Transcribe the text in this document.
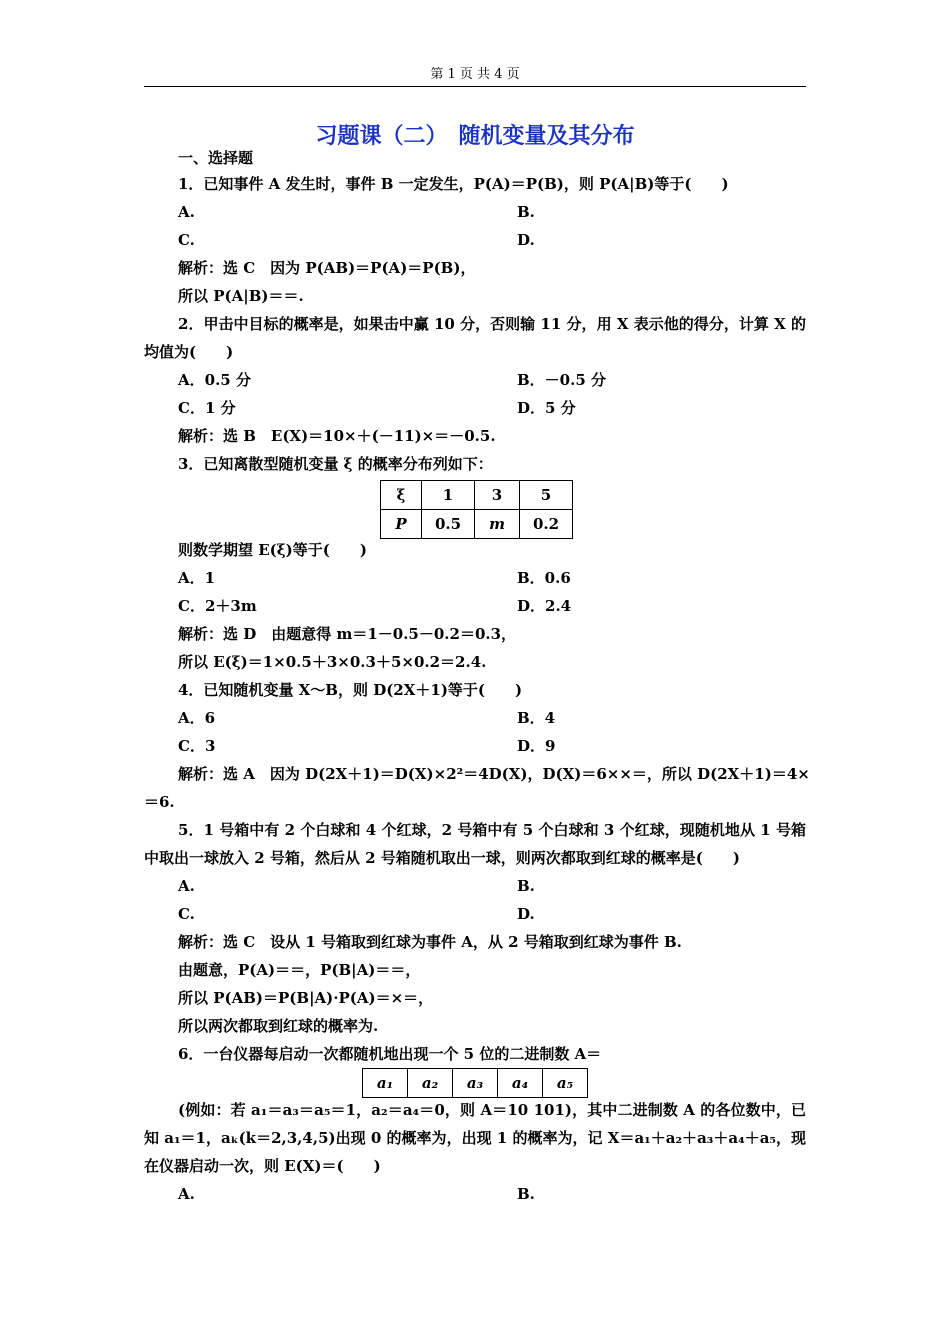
第 1 页 共 4 页
习题课（二）　随机变量及其分布
一、选择题
1．已知事件 A 发生时，事件 B 一定发生，P(A)＝P(B)，则 P(A|B)等于(　　)
A.	B.
C.	D.
解析：选 C　因为 P(AB)＝P(A)＝P(B)，
所以 P(A|B)＝＝.
2．甲击中目标的概率是，如果击中赢 10 分，否则输 11 分，用 X 表示他的得分，计算 X 的均值为(　　)
A．0.5 分	B．－0.5 分
C．1 分	D．5 分
解析：选 B　E(X)＝10×＋(－11)×＝－0.5.
3．已知离散型随机变量 ξ 的概率分布列如下：
ξ	1	3	5
P	0.5	m	0.2
则数学期望 E(ξ)等于(　　)
A．1	B．0.6
C．2＋3m	D．2.4
解析：选 D　由题意得 m＝1－0.5－0.2＝0.3，
所以 E(ξ)＝1×0.5＋3×0.3＋5×0.2＝2.4.
4．已知随机变量 X～B，则 D(2X＋1)等于(　　)
A．6	B．4
C．3	D．9
解析：选 A　因为 D(2X＋1)＝D(X)×2²＝4D(X)，D(X)＝6××＝，所以 D(2X＋1)＝4×
＝6.
5．1 号箱中有 2 个白球和 4 个红球，2 号箱中有 5 个白球和 3 个红球，现随机地从 1 号箱中取出一球放入 2 号箱，然后从 2 号箱随机取出一球，则两次都取到红球的概率是(　　)
A.	B.
C.	D.
解析：选 C　设从 1 号箱取到红球为事件 A，从 2 号箱取到红球为事件 B.
由题意，P(A)＝＝，P(B|A)＝＝，
所以 P(AB)＝P(B|A)·P(A)＝×＝，
所以两次都取到红球的概率为.
6．一台仪器每启动一次都随机地出现一个 5 位的二进制数 A＝
a₁	a₂	a₃	a₄	a₅
(例如：若 a₁＝a₃＝a₅＝1，a₂＝a₄＝0，则 A＝10 101)，其中二进制数 A 的各位数中，已知 a₁＝1，aₖ(k＝2,3,4,5)出现 0 的概率为，出现 1 的概率为，记 X＝a₁＋a₂＋a₃＋a₄＋a₅，现在仪器启动一次，则 E(X)＝(　　)
A.	B.
